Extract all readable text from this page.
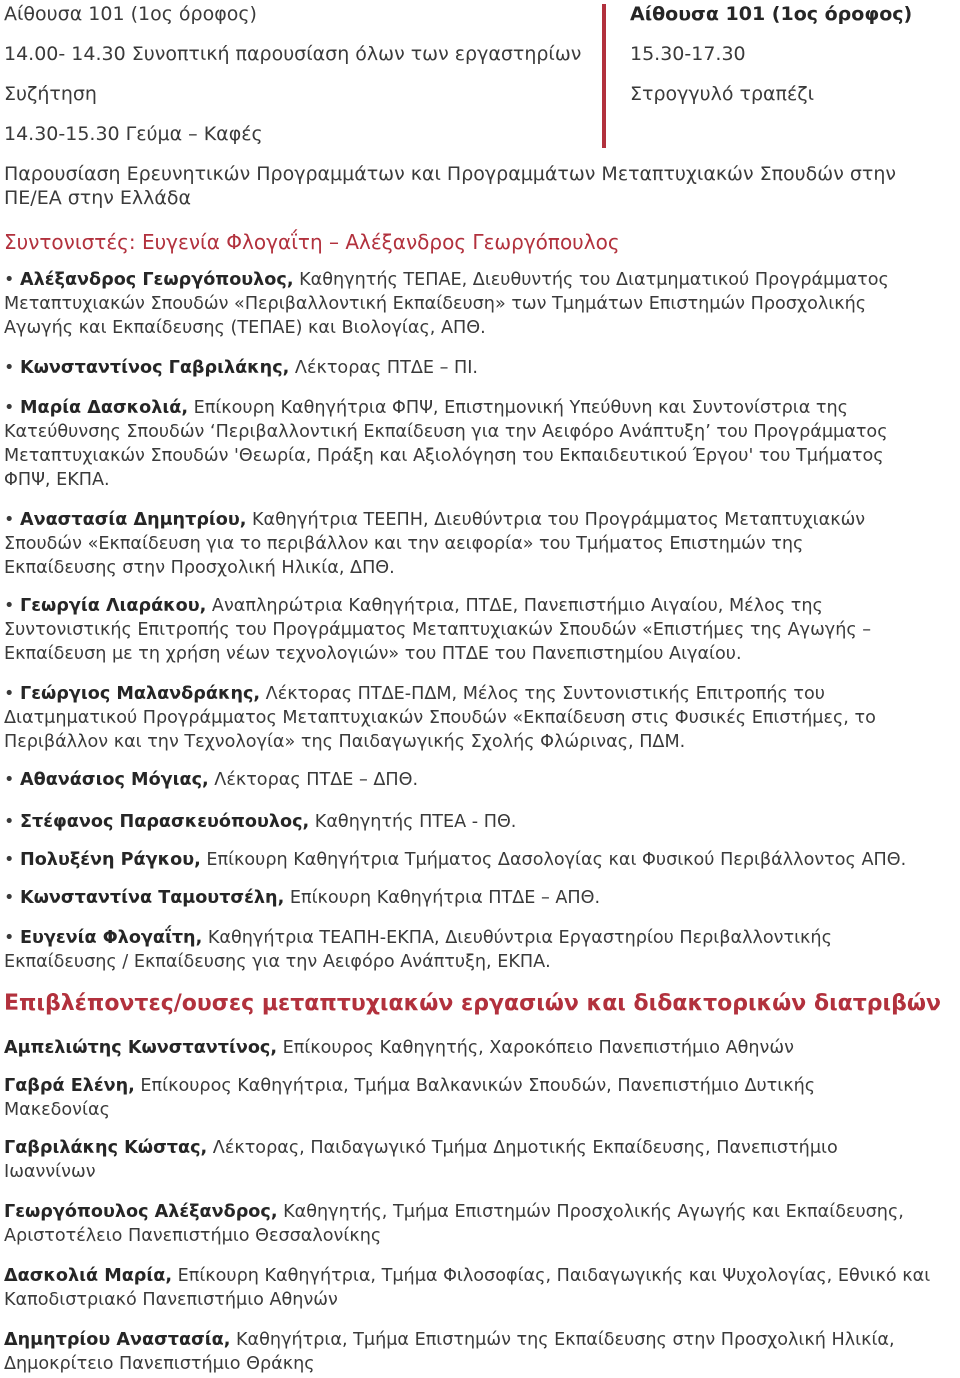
Αίθουσα 101 (1ος όροφος)
14.00- 14.30 Συνοπτική παρουσίαση όλων των εργαστηρίων
Συζήτηση
14.30-15.30 Γεύμα – Καφές
Αίθουσα 101 (1ος όροφος)
15.30-17.30
Στρογγυλό τραπέζι
Παρουσίαση Ερευνητικών Προγραμμάτων και Προγραμμάτων Μεταπτυχιακών Σπουδών στην
ΠΕ/ΕΑ στην Ελλάδα
Συντονιστές: Ευγενία Φλογαΐτη – Αλέξανδρος Γεωργόπουλος
• Αλέξανδρος Γεωργόπουλος, Καθηγητής ΤΕΠΑΕ, Διευθυντής του Διατμηματικού Προγράμματος
Μεταπτυχιακών Σπουδών «Περιβαλλοντική Εκπαίδευση» των Τμημάτων Επιστημών Προσχολικής
Αγωγής και Εκπαίδευσης (ΤΕΠΑΕ) και Βιολογίας, ΑΠΘ.
• Κωνσταντίνος Γαβριλάκης, Λέκτορας ΠΤΔΕ – ΠΙ.
• Μαρία Δασκολιά, Επίκουρη Καθηγήτρια ΦΠΨ, Επιστημονική Υπεύθυνη και Συντονίστρια της
Κατεύθυνσης Σπουδών ‘Περιβαλλοντική Εκπαίδευση για την Αειφόρο Ανάπτυξη’ του Προγράμματος
Μεταπτυχιακών Σπουδών 'Θεωρία, Πράξη και Αξιολόγηση του Εκπαιδευτικού Έργου' του Τμήματος
ΦΠΨ, ΕΚΠΑ.
• Αναστασία Δημητρίου, Καθηγήτρια ΤΕΕΠΗ, Διευθύντρια του Προγράμματος Μεταπτυχιακών
Σπουδών «Εκπαίδευση για το περιβάλλον και την αειφορία» του Τμήματος Επιστημών της
Εκπαίδευσης στην Προσχολική Ηλικία, ΔΠΘ.
• Γεωργία Λιαράκου, Αναπληρώτρια Καθηγήτρια, ΠΤΔΕ, Πανεπιστήμιο Αιγαίου, Μέλος της
Συντονιστικής Επιτροπής του Προγράμματος Μεταπτυχιακών Σπουδών «Επιστήμες της Αγωγής –
Εκπαίδευση με τη χρήση νέων τεχνολογιών» του ΠΤΔΕ του Πανεπιστημίου Αιγαίου.
• Γεώργιος Μαλανδράκης, Λέκτορας ΠΤΔΕ-ΠΔΜ, Μέλος της Συντονιστικής Επιτροπής του
Διατμηματικού Προγράμματος Μεταπτυχιακών Σπουδών «Εκπαίδευση στις Φυσικές Επιστήμες, το
Περιβάλλον και την Τεχνολογία» της Παιδαγωγικής Σχολής Φλώρινας, ΠΔΜ.
• Αθανάσιος Μόγιας, Λέκτορας ΠΤΔΕ – ΔΠΘ.
• Στέφανος Παρασκευόπουλος, Καθηγητής ΠΤΕΑ - ΠΘ.
• Πολυξένη Ράγκου, Επίκουρη Καθηγήτρια Τμήματος Δασολογίας και Φυσικού Περιβάλλοντος ΑΠΘ.
• Κωνσταντίνα Ταμουτσέλη, Επίκουρη Καθηγήτρια ΠΤΔΕ – ΑΠΘ.
• Ευγενία Φλογαΐτη, Καθηγήτρια ΤΕΑΠΗ-ΕΚΠΑ, Διευθύντρια Εργαστηρίου Περιβαλλοντικής
Εκπαίδευσης / Εκπαίδευσης για την Αειφόρο Ανάπτυξη, ΕΚΠΑ.
Επιβλέποντες/ουσες μεταπτυχιακών εργασιών και διδακτορικών διατριβών
Αμπελιώτης Κωνσταντίνος, Επίκουρος Καθηγητής, Χαροκόπειο Πανεπιστήμιο Αθηνών
Γαβρά Ελένη, Επίκουρος Καθηγήτρια, Τμήμα Βαλκανικών Σπουδών, Πανεπιστήμιο Δυτικής
Μακεδονίας
Γαβριλάκης Κώστας, Λέκτορας, Παιδαγωγικό Τμήμα Δημοτικής Εκπαίδευσης, Πανεπιστήμιο
Ιωαννίνων
Γεωργόπουλος Αλέξανδρος, Καθηγητής, Τμήμα Επιστημών Προσχολικής Αγωγής και Εκπαίδευσης,
Αριστοτέλειο Πανεπιστήμιο Θεσσαλονίκης
Δασκολιά Μαρία, Επίκουρη Καθηγήτρια, Τμήμα Φιλοσοφίας, Παιδαγωγικής και Ψυχολογίας, Εθνικό και
Καποδιστριακό Πανεπιστήμιο Αθηνών
Δημητρίου Αναστασία, Καθηγήτρια, Τμήμα Επιστημών της Εκπαίδευσης στην Προσχολική Ηλικία,
Δημοκρίτειο Πανεπιστήμιο Θράκης
